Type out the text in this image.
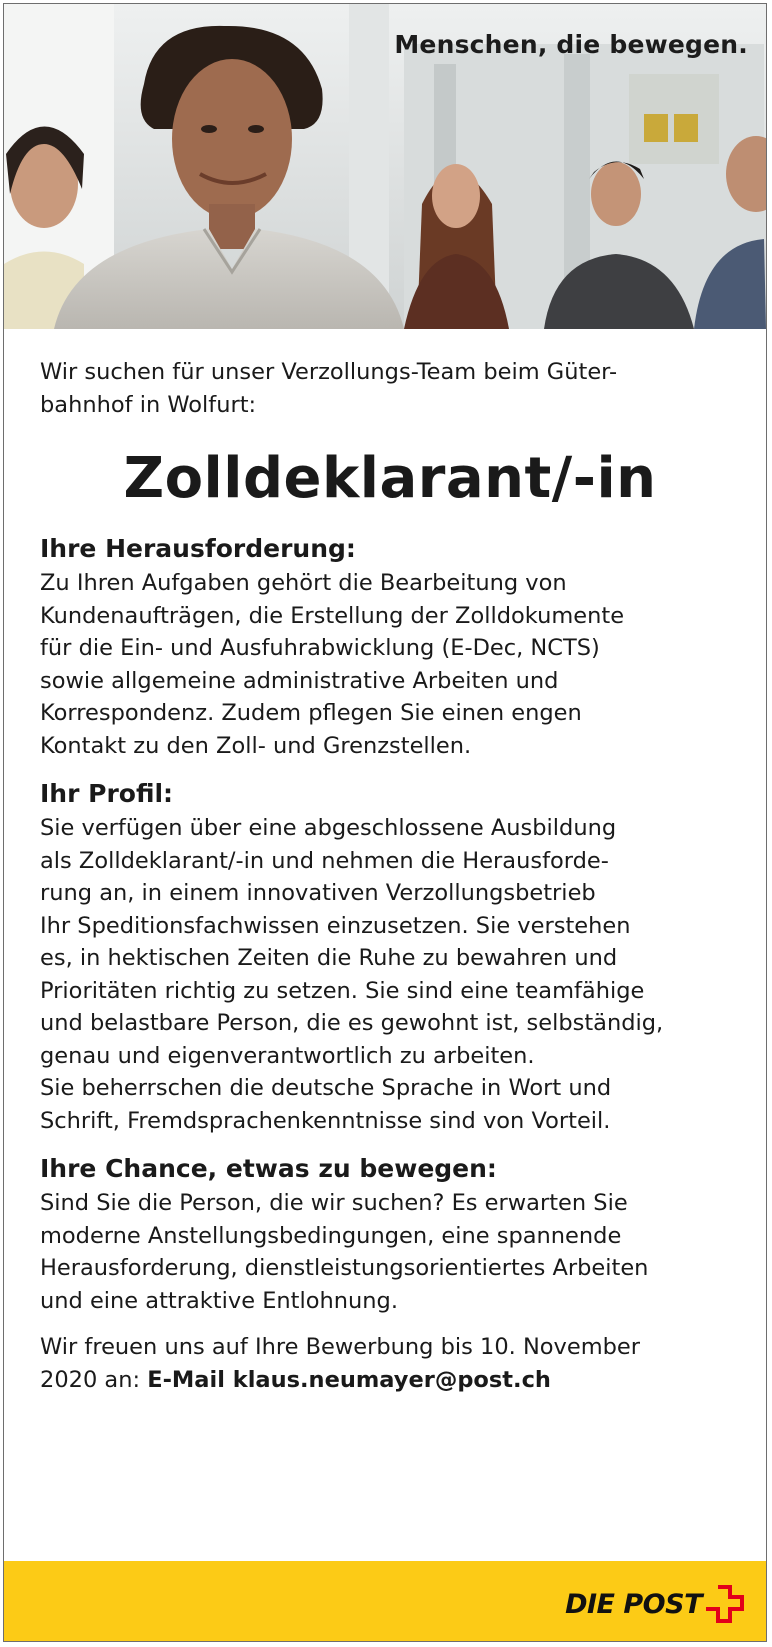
Menschen, die bewegen.

Wir suchen für unser Verzollungs-Team beim Güter-
bahnhof in Wolfurt:

Zolldeklarant/-in
Ihre Herausforderung:

Zu Ihren Aufgaben gehört die Bearbeitung von
Kundenaufträgen, die Erstellung der Zolldokumente
für die Ein- und Ausfuhrabwicklung (E-Dec, NCTS)
sowie allgemeine administrative Arbeiten und
Korrespondenz. Zudem pflegen Sie einen engen
Kontakt zu den Zoll- und Grenzstellen.

Ihr Profil:

Sie verfügen über eine abgeschlossene Ausbildung
als Zolldeklarant/-in und nehmen die Herausforde-
rung an, in einem innovativen Verzollungsbetrieb
Ihr Speditionsfachwissen einzusetzen. Sie verstehen
es, in hektischen Zeiten die Ruhe zu bewahren und
Prioritäten richtig zu setzen. Sie sind eine teamfähige
und belastbare Person, die es gewohnt ist, selbständig,
genau und eigenverantwortlich zu arbeiten.
Sie beherrschen die deutsche Sprache in Wort und
Schrift, Fremdsprachenkenntnisse sind von Vorteil.

Ihre Chance, etwas zu bewegen:

Sind Sie die Person, die wir suchen? Es erwarten Sie
moderne Anstellungsbedingungen, eine spannende
Herausforderung, dienstleistungsorientiertes Arbeiten
und eine attraktive Entlohnung.

Wir freuen uns auf Ihre Bewerbung bis 10. November
2020 an: E-Mail klaus.neumayer@post.ch

DIE POST
